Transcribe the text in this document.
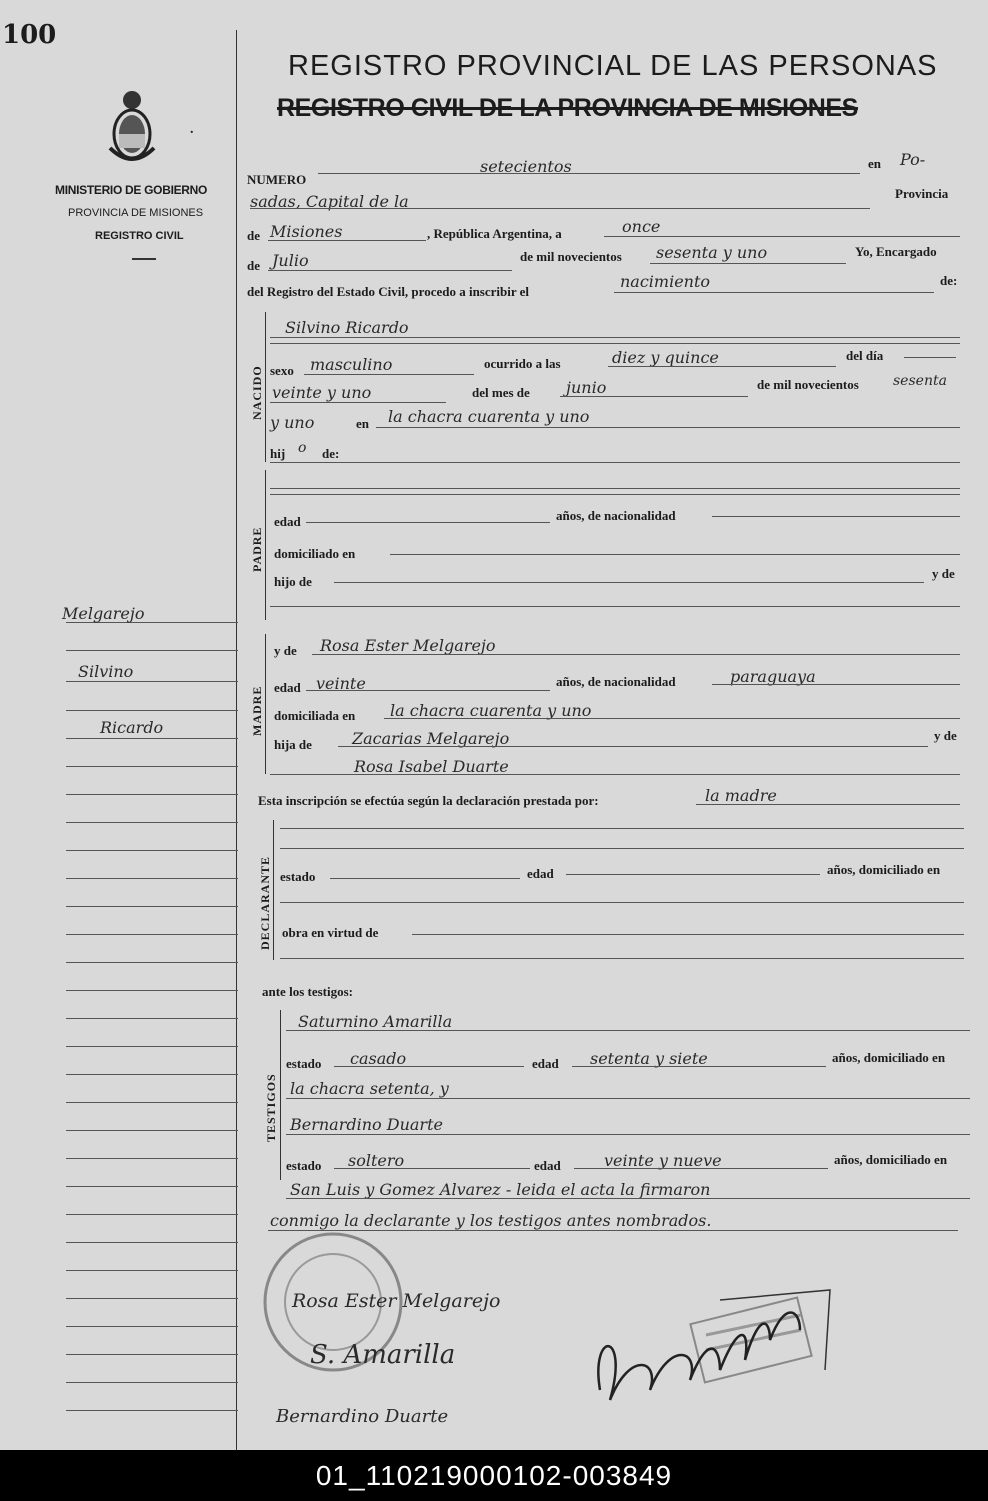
100
.
MINISTERIO DE GOBIERNO
PROVINCIA DE MISIONES
REGISTRO CIVIL
REGISTRO PROVINCIAL DE LAS PERSONAS
REGISTRO CIVIL DE LA PROVINCIA DE MISIONES
NUMERO
setecientos	en Po-
sadas, Capital de la	Provincia
de Misiones	, República Argentina, a	once
de Julio	de mil novecientos sesenta y uno	Yo, Encargado
del Registro del Estado Civil, procedo a inscribir el
nacimiento	de:
NACIDO
Silvino Ricardo
sexo masculino	ocurrido a las	diez y quince	del día
veinte y uno	del mes de junio	de mil novecientos sesenta
y uno	en la chacra cuarenta y uno
hij o de:
PADRE
edad	años, de nacionalidad
domiciliado en
hijo de
y de
MADRE
y de Rosa Ester Melgarejo
edad veinte	años, de nacionalidad	paraguaya
domiciliada en la chacra cuarenta y uno
hija de	Zacarias Melgarejo	y de
Rosa Isabel Duarte
Esta inscripción se efectúa según la declaración prestada por:	la madre
DECLARANTE estado	edad	años, domiciliado en
obra en virtud de
ante los testigos:
TESTIGOS
Saturnino Amarilla
estado casado	edad setenta y siete	años, domiciliado en
la chacra setenta, y
Bernardino Duarte
estado soltero	edad	veinte y nueve	años, domiciliado en
San Luis y Gomez Alvarez - leida el acta la firmaron
conmigo la declarante y los testigos antes nombrados.
Melgarejo
Silvino
Ricardo
Rosa Ester Melgarejo
S. Amarilla
Bernardino Duarte
01_110219000102-003849
